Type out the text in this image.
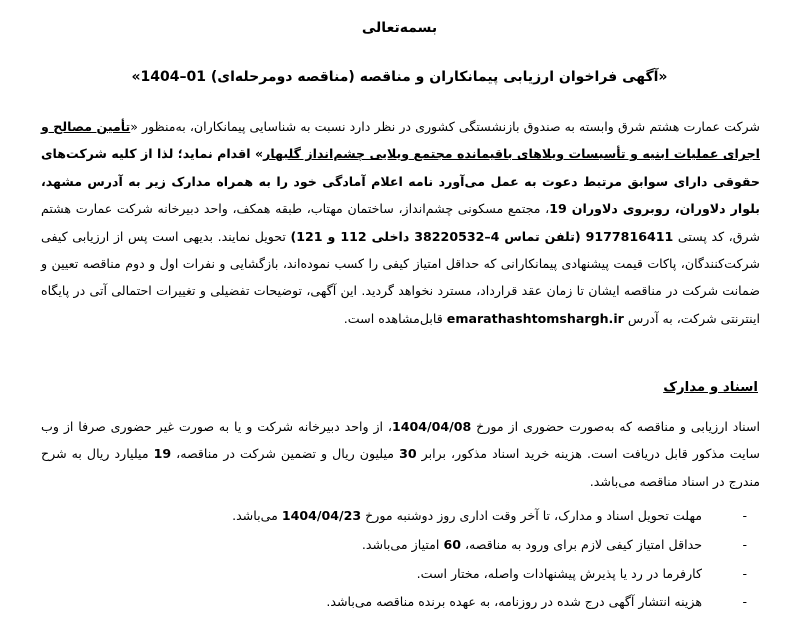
بسمه‌تعالی
«آگهی فراخوان ارزیابی پیمانکاران و مناقصه (مناقصه دومرحله‌ای) 01–1404»

شرکت عمارت هشتم شرق وابسته به صندوق بازنشستگی کشوری در نظر دارد نسبت به شناسایی پیمانکاران، به‌منظور «تأمین مصالح و اجرای عملیات ابنیه و تأسیسات ویلاهای باقیمانده مجتمع ویلایی چشم‌انداز گلبهار» اقدام نماید؛ لذا از کلیه شرکت‌های حقوقی دارای سوابق مرتبط دعوت به عمل می‌آورد نامه اعلام آمادگی خود را به همراه مدارک زیر به آدرس مشهد، بلوار دلاوران، روبروی دلاوران 19، مجتمع مسکونی چشم‌انداز، ساختمان مهتاب، طبقه همکف، واحد دبیرخانه شرکت عمارت هشتم شرق، کد پستی 9177816411 (تلفن تماس 4–38220532 داخلی 112 و 121) تحویل نمایند. بدیهی است پس از ارزیابی کیفی شرکت‌کنندگان، پاکات قیمت پیشنهادی پیمانکارانی که حداقل امتیاز کیفی را کسب نموده‌اند، بازگشایی و نفرات اول و دوم مناقصه تعیین و ضمانت شرکت در مناقصه ایشان تا زمان عقد قرارداد، مسترد نخواهد گردید. این آگهی، توضیحات تفضیلی و تغییرات احتمالی آتی در پایگاه اینترنتی شرکت، به آدرس emarathashtomshargh.ir قابل‌مشاهده است.

اسناد و مدارک

اسناد ارزیابی و مناقصه که به‌صورت حضوری از مورخ 1404/04/08، از واحد دبیرخانه شرکت و یا به صورت غیر حضوری صرفا از وب سایت مذکور قابل دریافت است. هزینه خرید اسناد مذکور، برابر 30 میلیون ریال و تضمین شرکت در مناقصه، 19 میلیارد ریال به شرح مندرج در اسناد مناقصه می‌باشد.

-
مهلت تحویل اسناد و مدارک، تا آخر وقت اداری روز دوشنبه مورخ 1404/04/23 می‌باشد.
-
حداقل امتیاز کیفی لازم برای ورود به مناقصه، 60 امتیاز می‌باشد.
-
کارفرما در رد یا پذیرش پیشنهادات واصله، مختار است.
-
هزینه انتشار آگهی درج شده در روزنامه، به عهده برنده مناقصه می‌باشد.
